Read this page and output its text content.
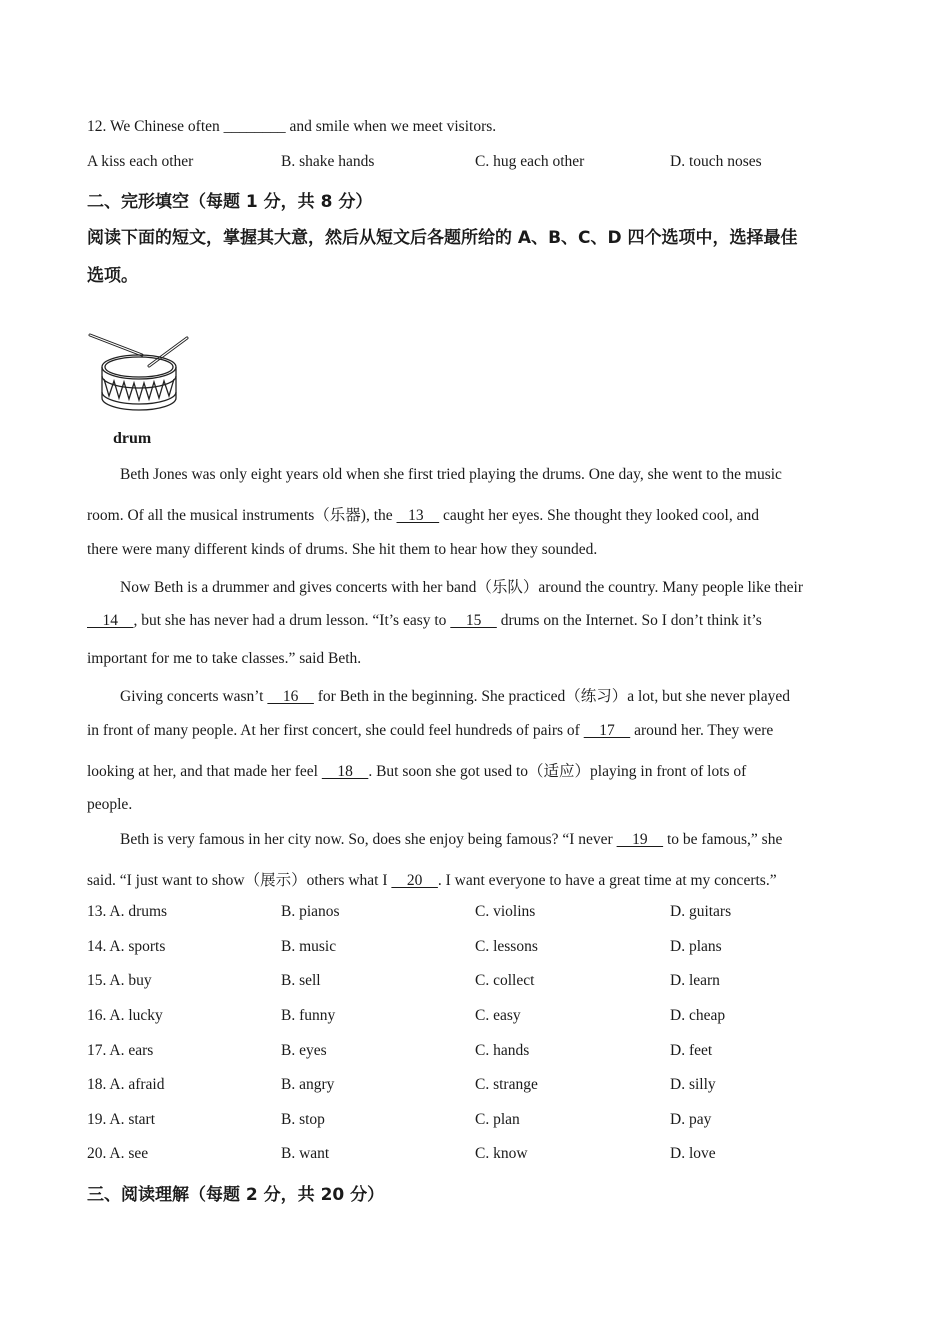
12. We Chinese often ________ and smile when we meet visitors.
A kiss each other	B. shake hands	C. hug each other	D. touch noses
二、完形填空（每题 1 分，共 8 分）
阅读下面的短文，掌握其大意，然后从短文后各题所给的 A、B、C、D 四个选项中，选择最佳
选项。
drum
Beth Jones was only eight years old when she first tried playing the drums. One day, she went to the music
room. Of all the musical instruments（乐器), the    13     caught her eyes. She thought they looked cool, and
there were many different kinds of drums. She hit them to hear how they sounded.
Now Beth is a drummer and gives concerts with her band（乐队）around the country. Many people like their
14    , but she has never had a drum lesson. “It’s easy to     15     drums on the Internet. So I don’t think it’s
important for me to take classes.” said Beth.
Giving concerts wasn’t     16     for Beth in the beginning. She practiced（练习）a lot, but she never played
in front of many people. At her first concert, she could feel hundreds of pairs of     17     around her. They were
looking at her, and that made her feel     18    . But soon she got used to（适应）playing in front of lots of
people.
Beth is very famous in her city now. So, does she enjoy being famous? “I never     19     to be famous,” she
said. “I just want to show（展示）others what I     20    . I want everyone to have a great time at my concerts.”
13. A. drums	B. pianos	C. violins	D. guitars
14. A. sports	B. music	C. lessons	D. plans
15. A. buy	B. sell	C. collect	D. learn
16. A. lucky	B. funny	C. easy	D. cheap
17. A. ears	B. eyes	C. hands	D. feet
18. A. afraid	B. angry	C. strange	D. silly
19. A. start	B. stop	C. plan	D. pay
20. A. see	B. want	C. know	D. love
三、阅读理解（每题 2 分，共 20 分）
